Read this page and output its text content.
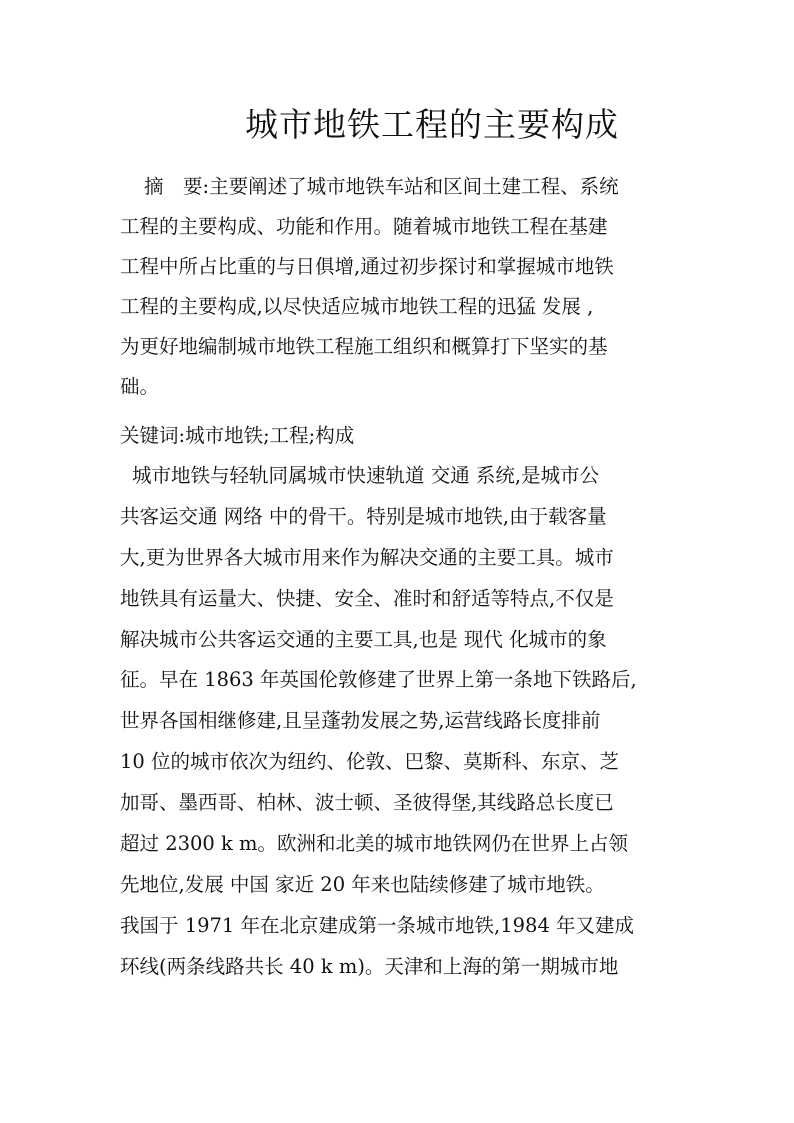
城市地铁工程的主要构成
摘　要:主要阐述了城市地铁车站和区间土建工程、系统
工程的主要构成、功能和作用。随着城市地铁工程在基建
工程中所占比重的与日俱增,通过初步探讨和掌握城市地铁
工程的主要构成,以尽快适应城市地铁工程的迅猛 发展 ,
为更好地编制城市地铁工程施工组织和概算打下坚实的基
础。
关键词:城市地铁;工程;构成
城市地铁与轻轨同属城市快速轨道 交通 系统,是城市公
共客运交通 网络 中的骨干。特别是城市地铁,由于载客量
大,更为世界各大城市用来作为解决交通的主要工具。城市
地铁具有运量大、快捷、安全、准时和舒适等特点,不仅是
解决城市公共客运交通的主要工具,也是 现代 化城市的象
征。早在 1863 年英国伦敦修建了世界上第一条地下铁路后,
世界各国相继修建,且呈蓬勃发展之势,运营线路长度排前
10 位的城市依次为纽约、伦敦、巴黎、莫斯科、东京、芝
加哥、墨西哥、柏林、波士顿、圣彼得堡,其线路总长度已
超过 2300 k m。欧洲和北美的城市地铁网仍在世界上占领
先地位,发展 中国 家近 20 年来也陆续修建了城市地铁。
我国于 1971 年在北京建成第一条城市地铁,1984 年又建成
环线(两条线路共长 40 k m)。天津和上海的第一期城市地
